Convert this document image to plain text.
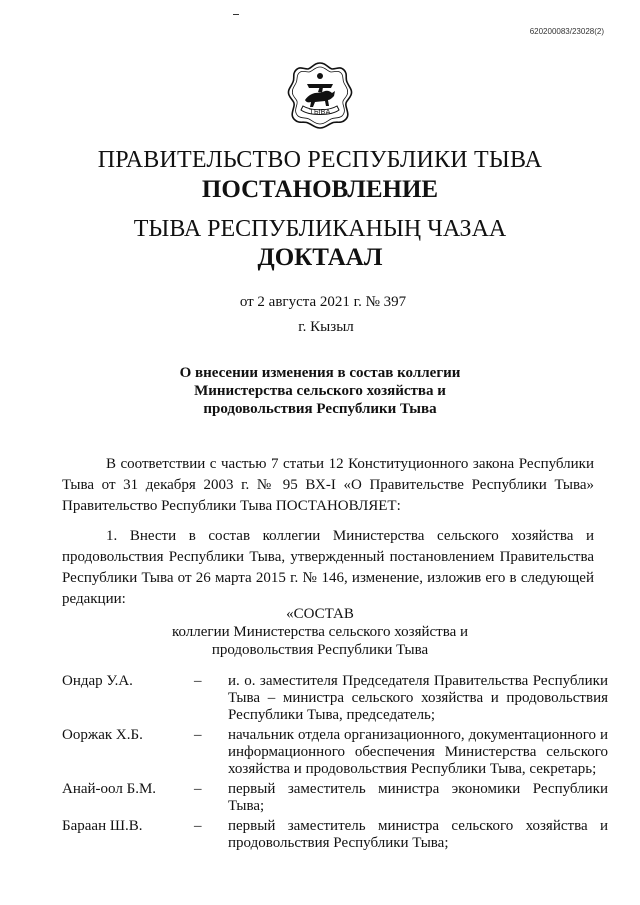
620200083/23028(2)
ТЫВА
ПРАВИТЕЛЬСТВО РЕСПУБЛИКИ ТЫВА
ПОСТАНОВЛЕНИЕ
ТЫВА РЕСПУБЛИКАНЫҢ ЧАЗАА
ДОКТААЛ
от 2 августа 2021 г. № 397
г. Кызыл
О внесении изменения в состав коллегии
Министерства сельского хозяйства и
продовольствия Республики Тыва
В соответствии с частью 7 статьи 12 Конституционного закона Республики Тыва от 31 декабря 2003 г. № 95 ВХ-I «О Правительстве Республики Тыва» Правительство Республики Тыва ПОСТАНОВЛЯЕТ:
1. Внести в состав коллегии Министерства сельского хозяйства и продовольствия Республики Тыва, утвержденный постановлением Правительства Республики Тыва от 26 марта 2015 г. № 146, изменение, изложив его в следующей редакции:
«СОСТАВ
коллегии Министерства сельского хозяйства и
продовольствия Республики Тыва
Ондар У.А.	–	и. о. заместителя Председателя Правительства Республики Тыва – министра сельского хозяйства и продовольствия Республики Тыва, председатель;
Ооржак Х.Б.	–	начальник отдела организационного, документационного и информационного обеспечения Министерства сельского хозяйства и продовольствия Республики Тыва, секретарь;
Анай-оол Б.М.	–	первый заместитель министра экономики Республики Тыва;
Бараан Ш.В.	–	первый заместитель министра сельского хозяйства и продовольствия Республики Тыва;
